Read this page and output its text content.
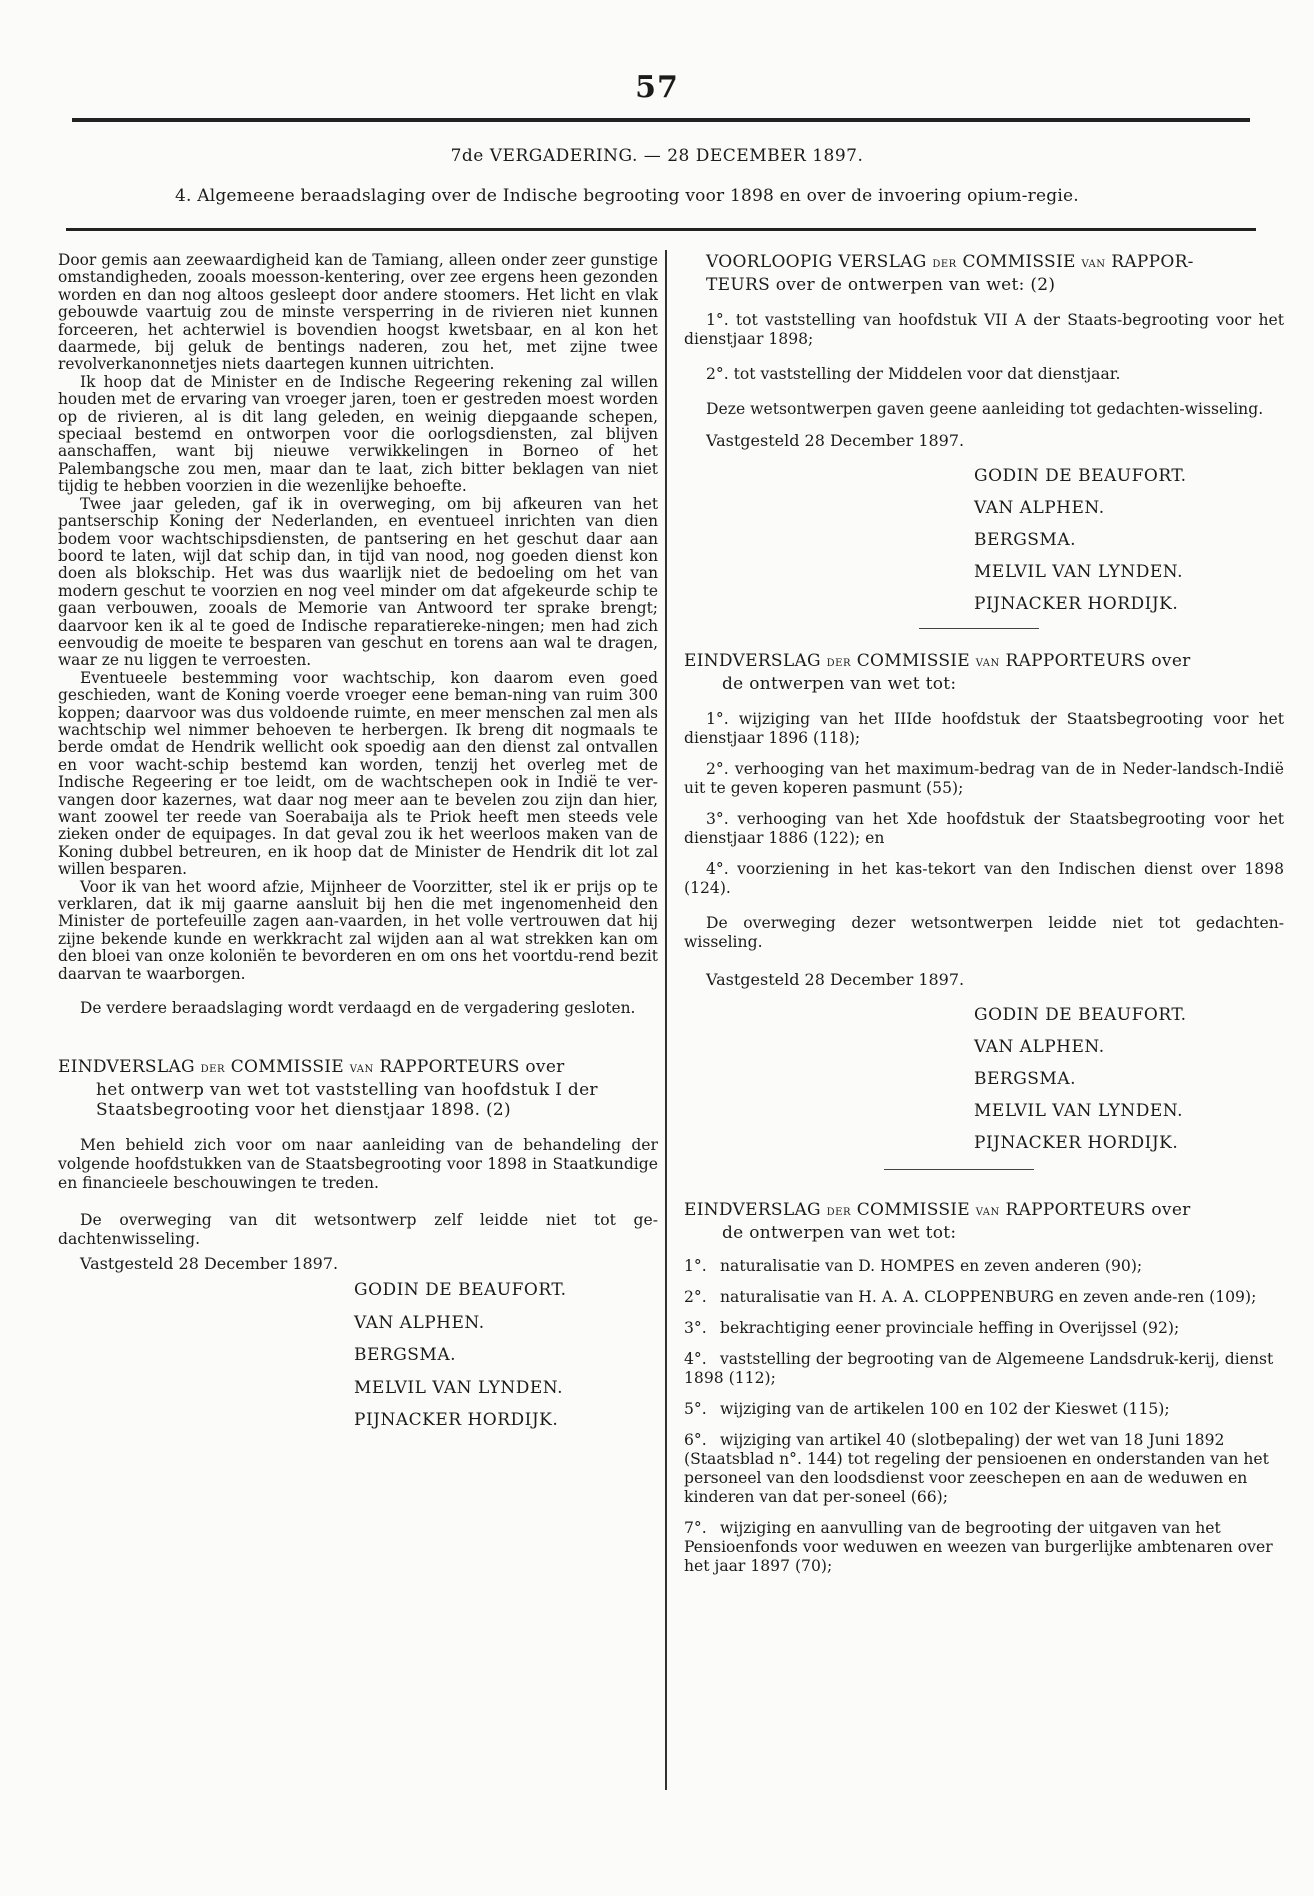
57
7de VERGADERING. — 28 DECEMBER 1897.
4. Algemeene beraadslaging over de Indische begrooting voor 1898 en over de invoering opium-regie.

Door gemis aan zeewaardigheid kan de Tamiang, alleen onder zeer gunstige omstandigheden, zooals moesson-kentering, over zee ergens heen gezonden worden en dan nog altoos gesleept door andere stoomers. Het licht en vlak gebouwde vaartuig zou de minste versperring in de rivieren niet kunnen forceeren, het achterwiel is bovendien hoogst kwetsbaar, en al kon het daarmede, bij geluk de bentings naderen, zou het, met zijne twee revolverkanonnetjes niets daartegen kunnen uitrichten.

Ik hoop dat de Minister en de Indische Regeering rekening zal willen houden met de ervaring van vroeger jaren, toen er gestreden moest worden op de rivieren, al is dit lang geleden, en weinig diepgaande schepen, speciaal bestemd en ontworpen voor die oorlogsdiensten, zal blijven aanschaffen, want bij nieuwe verwikkelingen in Borneo of het Palembangsche zou men, maar dan te laat, zich bitter beklagen van niet tijdig te hebben voorzien in die wezenlijke behoefte.

Twee jaar geleden, gaf ik in overweging, om bij afkeuren van het pantserschip Koning der Nederlanden, en eventueel inrichten van dien bodem voor wachtschipsdiensten, de pantsering en het geschut daar aan boord te laten, wijl dat schip dan, in tijd van nood, nog goeden dienst kon doen als blokschip. Het was dus waarlijk niet de bedoeling om het van modern geschut te voorzien en nog veel minder om dat afgekeurde schip te gaan verbouwen, zooals de Memorie van Antwoord ter sprake brengt; daarvoor ken ik al te goed de Indische reparatiereke-ningen; men had zich eenvoudig de moeite te besparen van geschut en torens aan wal te dragen, waar ze nu liggen te verroesten.

Eventueele bestemming voor wachtschip, kon daarom even goed geschieden, want de Koning voerde vroeger eene beman-ning van ruim 300 koppen; daarvoor was dus voldoende ruimte, en meer menschen zal men als wachtschip wel nimmer behoeven te herbergen. Ik breng dit nogmaals te berde omdat de Hendrik wellicht ook spoedig aan den dienst zal ontvallen en voor wacht-schip bestemd kan worden, tenzij het overleg met de Indische Regeering er toe leidt, om de wachtschepen ook in Indië te ver-vangen door kazernes, wat daar nog meer aan te bevelen zou zijn dan hier, want zoowel ter reede van Soerabaija als te Priok heeft men steeds vele zieken onder de equipages. In dat geval zou ik het weerloos maken van de Koning dubbel betreuren, en ik hoop dat de Minister de Hendrik dit lot zal willen besparen.

Voor ik van het woord afzie, Mijnheer de Voorzitter, stel ik er prijs op te verklaren, dat ik mij gaarne aansluit bij hen die met ingenomenheid den Minister de portefeuille zagen aan-vaarden, in het volle vertrouwen dat hij zijne bekende kunde en werkkracht zal wijden aan al wat strekken kan om den bloei van onze koloniën te bevorderen en om ons het voortdu-rend bezit daarvan te waarborgen.

De verdere beraadslaging wordt verdaagd en de vergadering gesloten.

EINDVERSLAG DER COMMISSIE VAN RAPPORTEURS over
het ontwerp van wet tot vaststelling van hoofdstuk I der Staatsbegrooting voor het dienstjaar 1898. (2)

Men behield zich voor om naar aanleiding van de behandeling der volgende hoofdstukken van de Staatsbegrooting voor 1898 in Staatkundige en financieele beschouwingen te treden.

De overweging van dit wetsontwerp zelf leidde niet tot ge-dachtenwisseling.

Vastgesteld 28 December 1897.
GODIN DE BEAUFORT.
VAN ALPHEN.
BERGSMA.
MELVIL VAN LYNDEN.
PIJNACKER HORDIJK.
VOORLOOPIG VERSLAG DER COMMISSIE VAN RAPPOR-
TEURS over de ontwerpen van wet: (2)

1°. tot vaststelling van hoofdstuk VII A der Staats-begrooting voor het dienstjaar 1898;

2°. tot vaststelling der Middelen voor dat dienstjaar.

Deze wetsontwerpen gaven geene aanleiding tot gedachten-wisseling.

Vastgesteld 28 December 1897.
GODIN DE BEAUFORT.
VAN ALPHEN.
BERGSMA.
MELVIL VAN LYNDEN.
PIJNACKER HORDIJK.
EINDVERSLAG DER COMMISSIE VAN RAPPORTEURS over
de ontwerpen van wet tot:

1°. wijziging van het IIIde hoofdstuk der Staatsbegrooting voor het dienstjaar 1896 (118);

2°. verhooging van het maximum-bedrag van de in Neder-landsch-Indië uit te geven koperen pasmunt (55);

3°. verhooging van het Xde hoofdstuk der Staatsbegrooting voor het dienstjaar 1886 (122); en

4°. voorziening in het kas-tekort van den Indischen dienst over 1898 (124).

De overweging dezer wetsontwerpen leidde niet tot gedachten-wisseling.

Vastgesteld 28 December 1897.
GODIN DE BEAUFORT.
VAN ALPHEN.
BERGSMA.
MELVIL VAN LYNDEN.
PIJNACKER HORDIJK.
EINDVERSLAG DER COMMISSIE VAN RAPPORTEURS over
de ontwerpen van wet tot:
1°. naturalisatie van D. HOMPES en zeven anderen (90);
2°. naturalisatie van H. A. A. CLOPPENBURG en zeven ande-ren (109);
3°. bekrachtiging eener provinciale heffing in Overijssel (92);
4°. vaststelling der begrooting van de Algemeene Landsdruk-kerij, dienst 1898 (112);
5°. wijziging van de artikelen 100 en 102 der Kieswet (115);
6°. wijziging van artikel 40 (slotbepaling) der wet van 18 Juni 1892 (Staatsblad n°. 144) tot regeling der pensioenen en onderstanden van het personeel van den loodsdienst voor zeeschepen en aan de weduwen en kinderen van dat per-soneel (66);
7°. wijziging en aanvulling van de begrooting der uitgaven van het Pensioenfonds voor weduwen en weezen van burgerlijke ambtenaren over het jaar 1897 (70);
